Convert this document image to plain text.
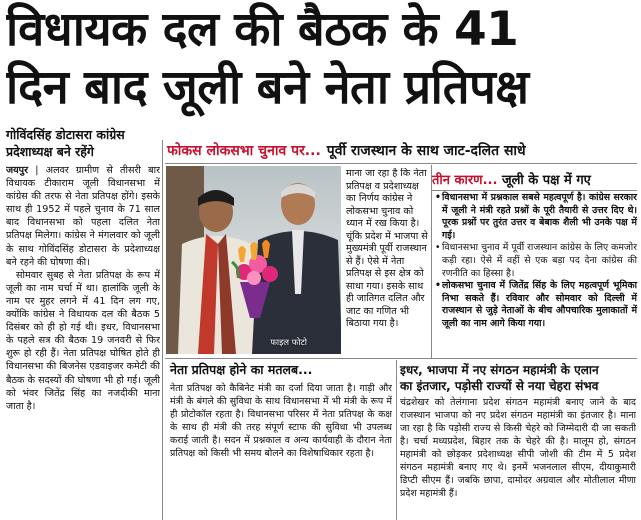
विधायक दल की बैठक के 41
दिन बाद जूली बने नेता प्रतिपक्ष
गोविंदसिंह डोटासरा कांग्रेस प्रदेशाध्यक्ष बने रहेंगे

जयपुर | अलवर ग्रामीण से तीसरी बार विधायक टीकाराम जूली विधानसभा में कांग्रेस की तरफ से नेता प्रतिपक्ष होंगे। इसके साथ ही 1952 में पहले चुनाव के 71 साल बाद विधानसभा को पहला दलित नेता प्रतिपक्ष मिलेगा। कांग्रेस ने मंगलवार को जूली के साथ गोविंदसिंह डोटासरा के प्रदेशाध्यक्ष बने रहने की घोषणा की।

सोमवार सुबह से नेता प्रतिपक्ष के रूप में जूली का नाम चर्चा में था। हालांकि जूली के नाम पर मुहर लगने में 41 दिन लग गए, क्योंकि कांग्रेस ने विधायक दल की बैठक 5 दिसंबर को ही हो गई थी। इधर, विधानसभा के पहले सत्र की बैठक 19 जनवरी से फिर शुरू हो रही हैं। नेता प्रतिपक्ष घोषित होते ही विधानसभा की बिजनेस एडवाइजर कमेटी की बैठक के सदस्यों की घोषणा भी हो गई। जूली को भंवर जितेंद्र सिंह का नजदीकी माना जाता है।

फोकस लोकसभा चुनाव पर... पूर्वी राजस्थान के साथ जाट-दलित साधे
फाइल फोटो
माना जा रहा है कि नेता प्रतिपक्ष व प्रदेशाध्यक्ष का निर्णय कांग्रेस ने लोकसभा चुनाव को ध्यान में रख किया है। चूंकि प्रदेश में भाजपा से मुख्यमंत्री पूर्वी राजस्थान से हैं। ऐसे में नेता प्रतिपक्ष से इस क्षेत्र को साधा गया। इसके साथ ही जातिगत दलित और जाट का गणित भी बिठाया गया है।
तीन कारण... जूली के पक्ष में गए
• विधानसभा में प्रश्नकाल सबसे महत्वपूर्ण है। कांग्रेस सरकार में जूली ने मंत्री रहते प्रश्नों के पूरी तैयारी से उत्तर दिए थे। पूरक प्रश्नों पर तुरंत उत्तर व बेबाक शैली भी उनके पक्ष में गई।
• विधानसभा चुनाव में पूर्वी राजस्थान कांग्रेस के लिए कमजोर कड़ी रहा। ऐसे में वहीं से एक बड़ा पद देना कांग्रेस की रणनीति का हिस्सा है।
• लोकसभा चुनाव में जितेंद्र सिंह के लिए महत्वपूर्ण भूमिका निभा सकते हैं। रविवार और सोमवार को दिल्ली में राजस्थान से जुड़े नेताओं के बीच औपचारिक मुलाकातों में जूली का नाम आगे किया गया।
नेता प्रतिपक्ष होने का मतलब...
नेता प्रतिपक्ष को कैबिनेट मंत्री का दर्जा दिया जाता है। गाड़ी और मंत्री के बंगले की सुविधा के साथ विधानसभा में भी मंत्री के रूप में ही प्रोटोकॉल रहता है। विधानसभा परिसर में नेता प्रतिपक्ष के कक्ष के साथ ही मंत्री की तरह संपूर्ण स्टाफ की सुविधा भी उपलब्ध कराई जाती है। सदन में प्रश्नकाल व अन्य कार्यवाही के दौरान नेता प्रतिपक्ष को किसी भी समय बोलने का विशेषाधिकार रहता है।
इधर, भाजपा में नए संगठन महामंत्री के एलान
का इंतजार, पड़ोसी राज्यों से नया चेहरा संभव
चंद्रशेखर को तेलंगाना प्रदेश संगठन महामंत्री बनाए जाने के बाद राजस्थान भाजपा को नए प्रदेश संगठन महामंत्री का इंतजार है। माना जा रहा है कि पड़ोसी राज्य से किसी चेहरे को जिम्मेदारी दी जा सकती है। चर्चा मध्यप्रदेश, बिहार तक के चेहरे की है। मालूम हो, संगठन महामंत्री को छोड़कर प्रदेशाध्यक्ष सीपी जोशी की टीम में 5 प्रदेश संगठन महामंत्री बनाए गए थे। इनमें भजनलाल सीएम, दीयाकुमारी डिप्टी सीएम हैं। जबकि छापा, दामोदर अग्रवाल और मोतीलाल मीणा प्रदेश महामंत्री हैं।
